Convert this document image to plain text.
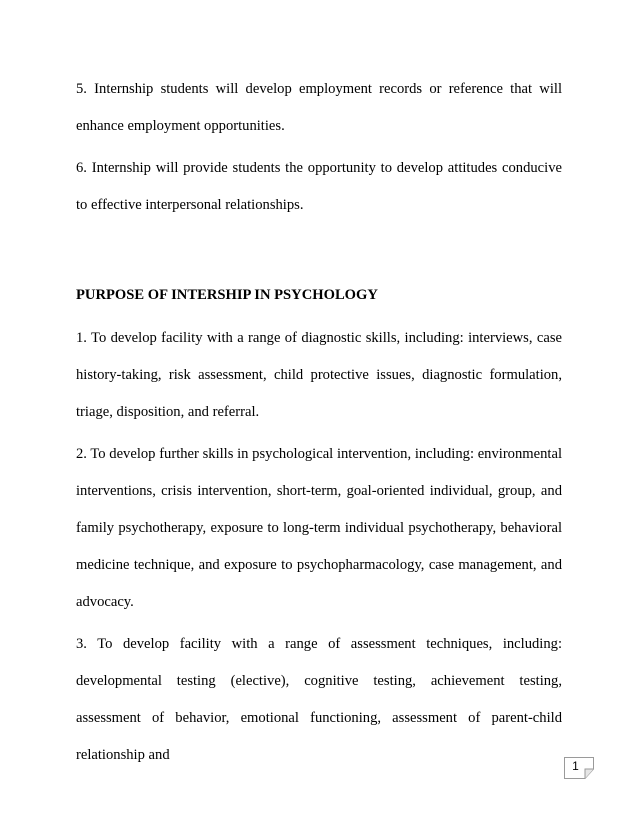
5. Internship students will develop employment records or reference that will enhance employment opportunities.

6. Internship will provide students the opportunity to develop attitudes conducive to effective interpersonal relationships.

PURPOSE OF INTERSHIP IN PSYCHOLOGY

1. To develop facility with a range of diagnostic skills, including: interviews, case history-taking, risk assessment, child protective issues, diagnostic formulation, triage, disposition, and referral.

2. To develop further skills in psychological intervention, including: environmental interventions, crisis intervention, short-term, goal-oriented individual, group, and family psychotherapy, exposure to long-term individual psychotherapy, behavioral medicine technique, and exposure to psychopharmacology, case management, and advocacy.

3. To develop facility with a range of assessment techniques, including: developmental testing (elective), cognitive testing, achievement testing, assessment of behavior, emotional functioning, assessment of parent-child relationship and

1
